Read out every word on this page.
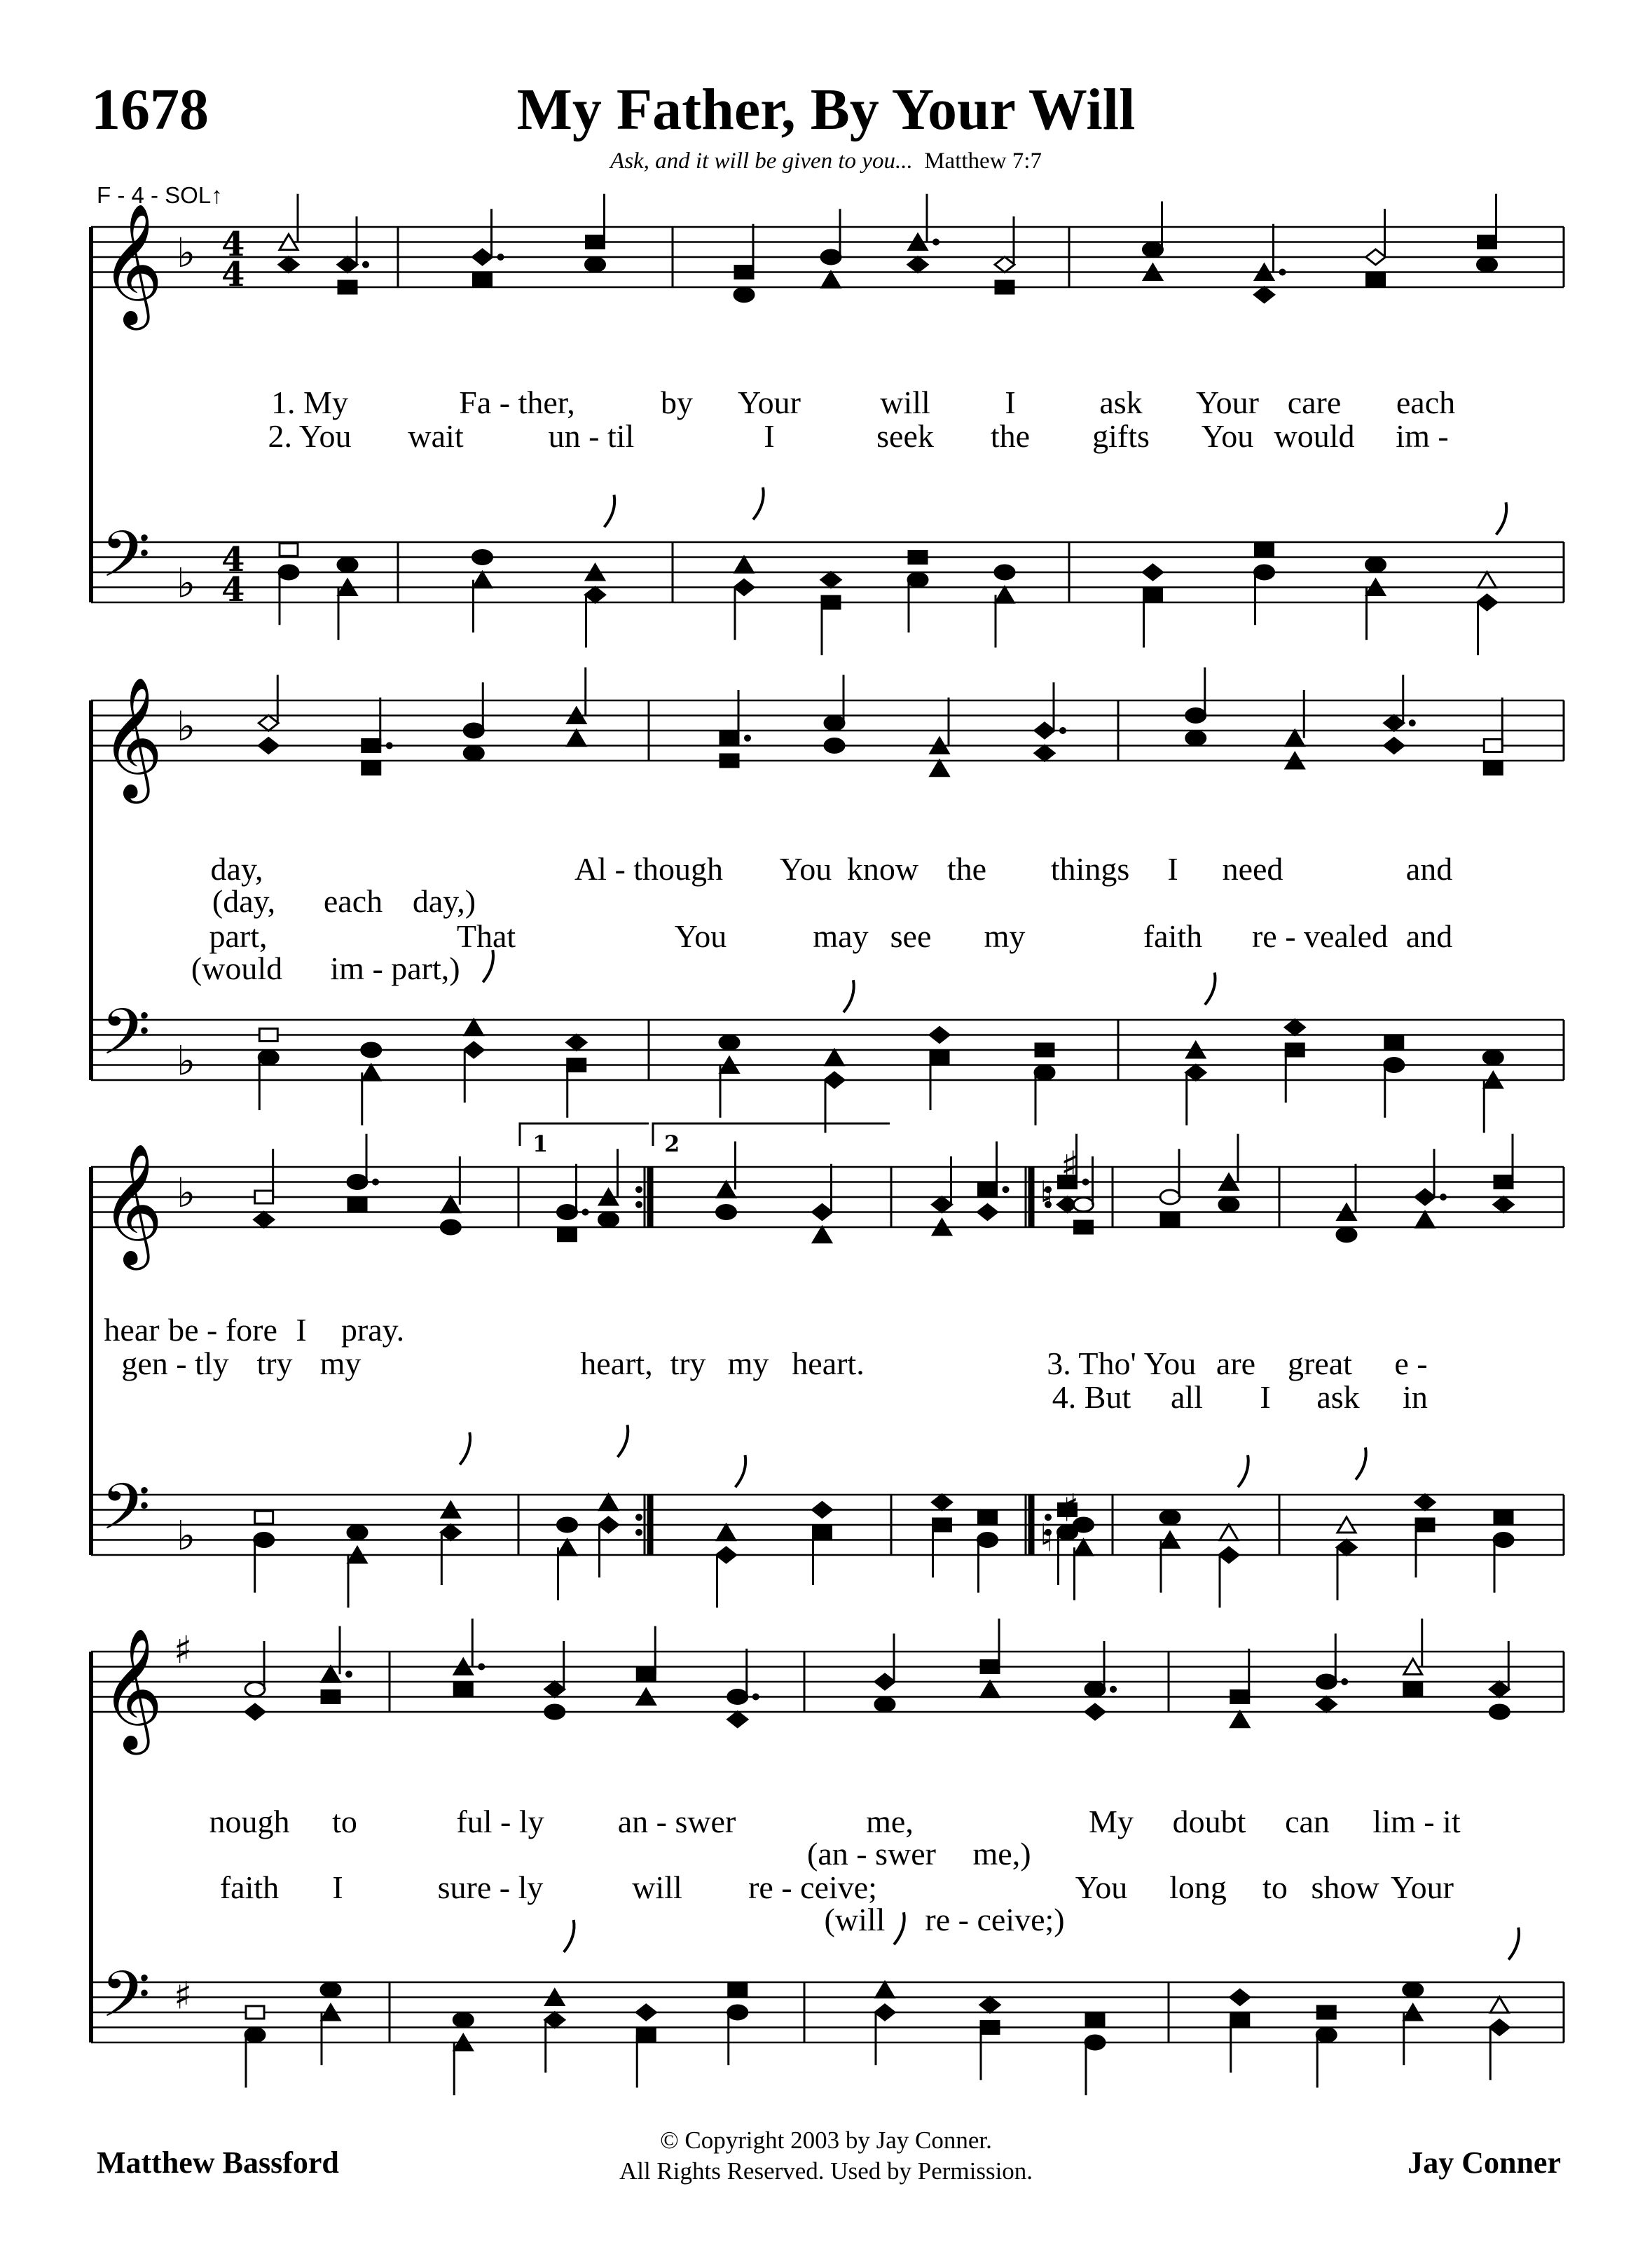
1678	My Father, By Your Will
Ask, and it will be given to you... Matthew 7:7
F - 4 - SOL↑
𝄞
𝄢
♭
♭
4
4
4
4
𝄞
𝄢
♭
♭
𝄞
𝄢
♭
♭
𝄞
𝄢
♯
♯
1	2
♮
♯
♮
♯
1. My	Fa - ther,	by Your will I	ask Your care each
2. You wait	un - til	I	seek the gifts You would im -
day,	Al - though You know the things I need	and
(day, each day,)
part,	That	You	may see my	faith re - vealed and
(would im - part,)
hear be - fore I pray.
gen - tly try my	heart, try my heart.	3. Tho' You are great e -
4. But all I ask in
nough to	ful - ly an - swer	me,	My doubt can lim - it
(an - swer me,)
faith I	sure - ly	will re - ceive;	You long to show Your
(will re - ceive;)
Matthew Bassford
© Copyright 2003 by Jay Conner.
All Rights Reserved. Used by Permission.	Jay Conner
